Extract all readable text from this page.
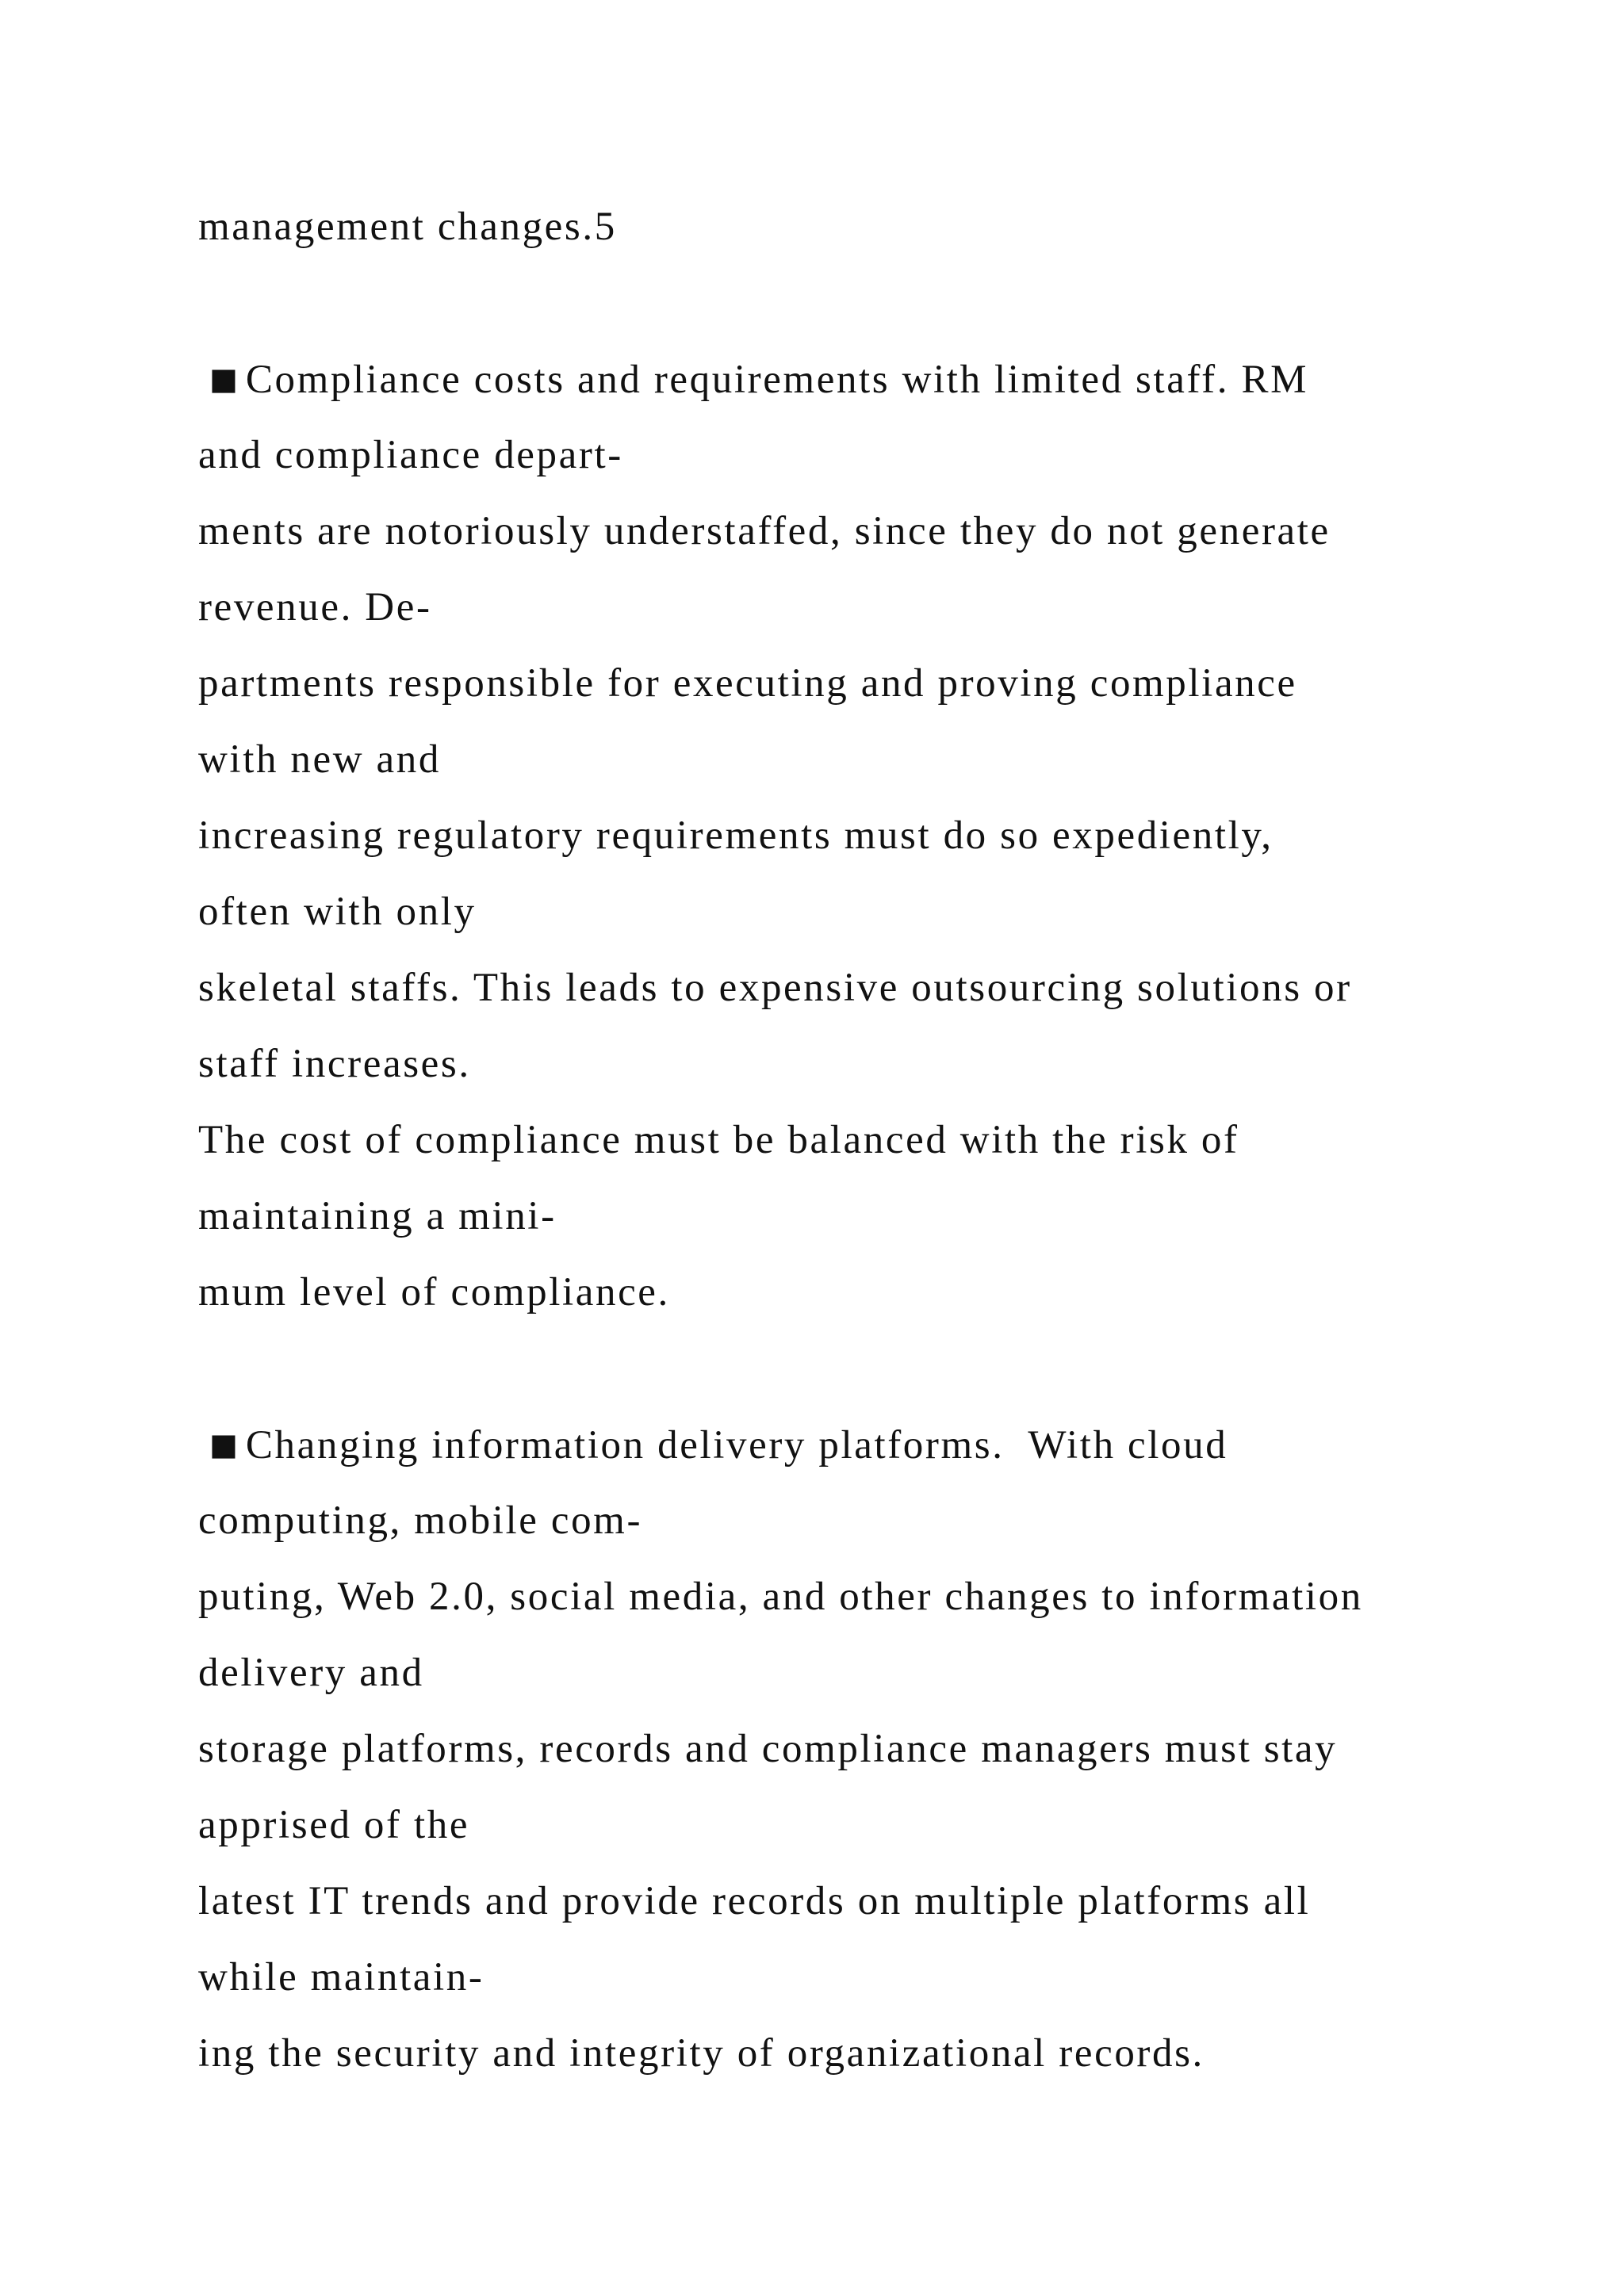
management changes.5
■ Compliance costs and requirements with limited staff. RM
and compliance depart-
ments are notoriously understaffed, since they do not generate
revenue. De-
partments responsible for executing and proving compliance
with new and
increasing regulatory requirements must do so expediently,
often with only
skeletal staffs. This leads to expensive outsourcing solutions or
staff increases.
The cost of compliance must be balanced with the risk of
maintaining a mini-
mum level of compliance.
■ Changing information delivery platforms.  With cloud
computing, mobile com-
puting, Web 2.0, social media, and other changes to information
delivery and
storage platforms, records and compliance managers must stay
apprised of the
latest IT trends and provide records on multiple platforms all
while maintain-
ing the security and integrity of organizational records.
